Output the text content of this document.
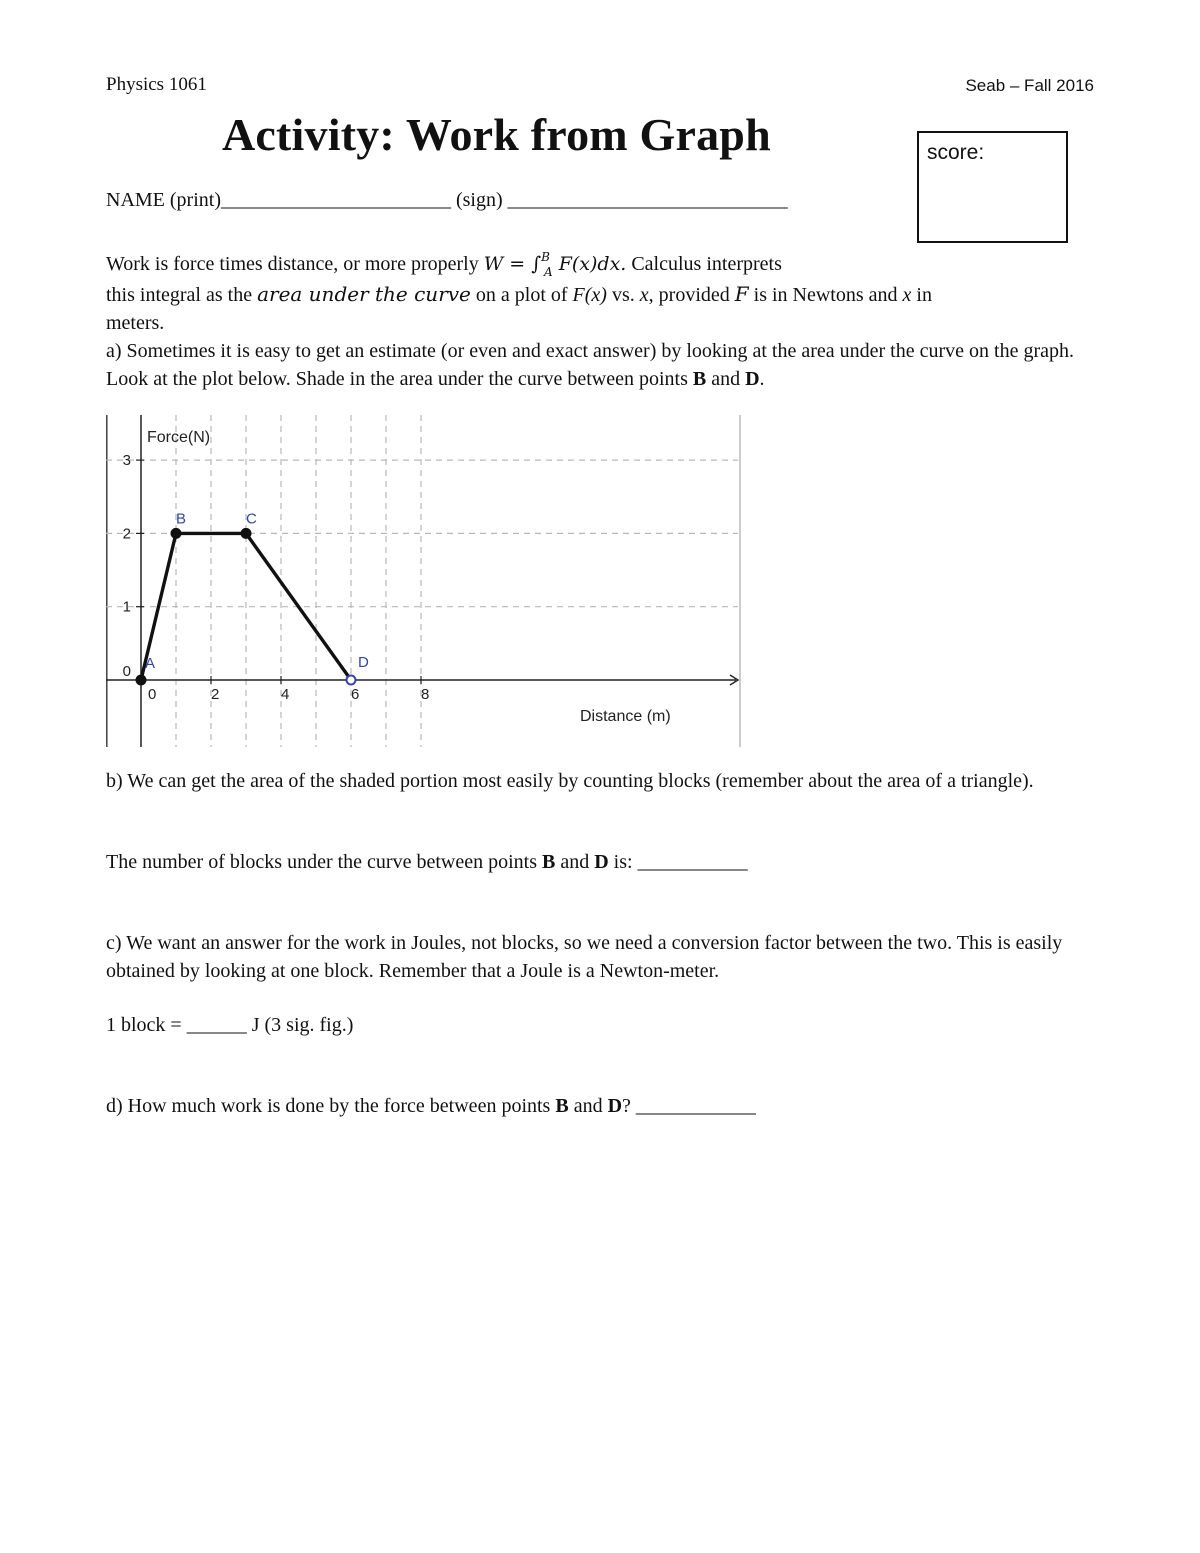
Physics 1061	Seab – Fall 2016
Activity: Work from Graph	score:
NAME (print)_______________________ (sign) ____________________________
Work is force times distance, or more properly W = ∫$^B_A$ F(x)dx. Calculus interprets
this integral as the area under the curve on a plot of F(x) vs. x, provided F is in Newtons and x in
meters.
a) Sometimes it is easy to get an estimate (or even and exact answer) by looking at the area under the curve on the graph. Look at the plot below. Shade in the area under the curve between points B and D.
0	2	4	6	8
0
1
2
3
Force(N)
Distance (m)
A
B	C
D
b) We can get the area of the shaded portion most easily by counting blocks (remember about the area of a triangle).
The number of blocks under the curve between points B and D is: ___________
c) We want an answer for the work in Joules, not blocks, so we need a conversion factor between the two. This is easily obtained by looking at one block. Remember that a Joule is a Newton-meter.
1 block = ______ J (3 sig. fig.)
d) How much work is done by the force between points B and D? ____________
